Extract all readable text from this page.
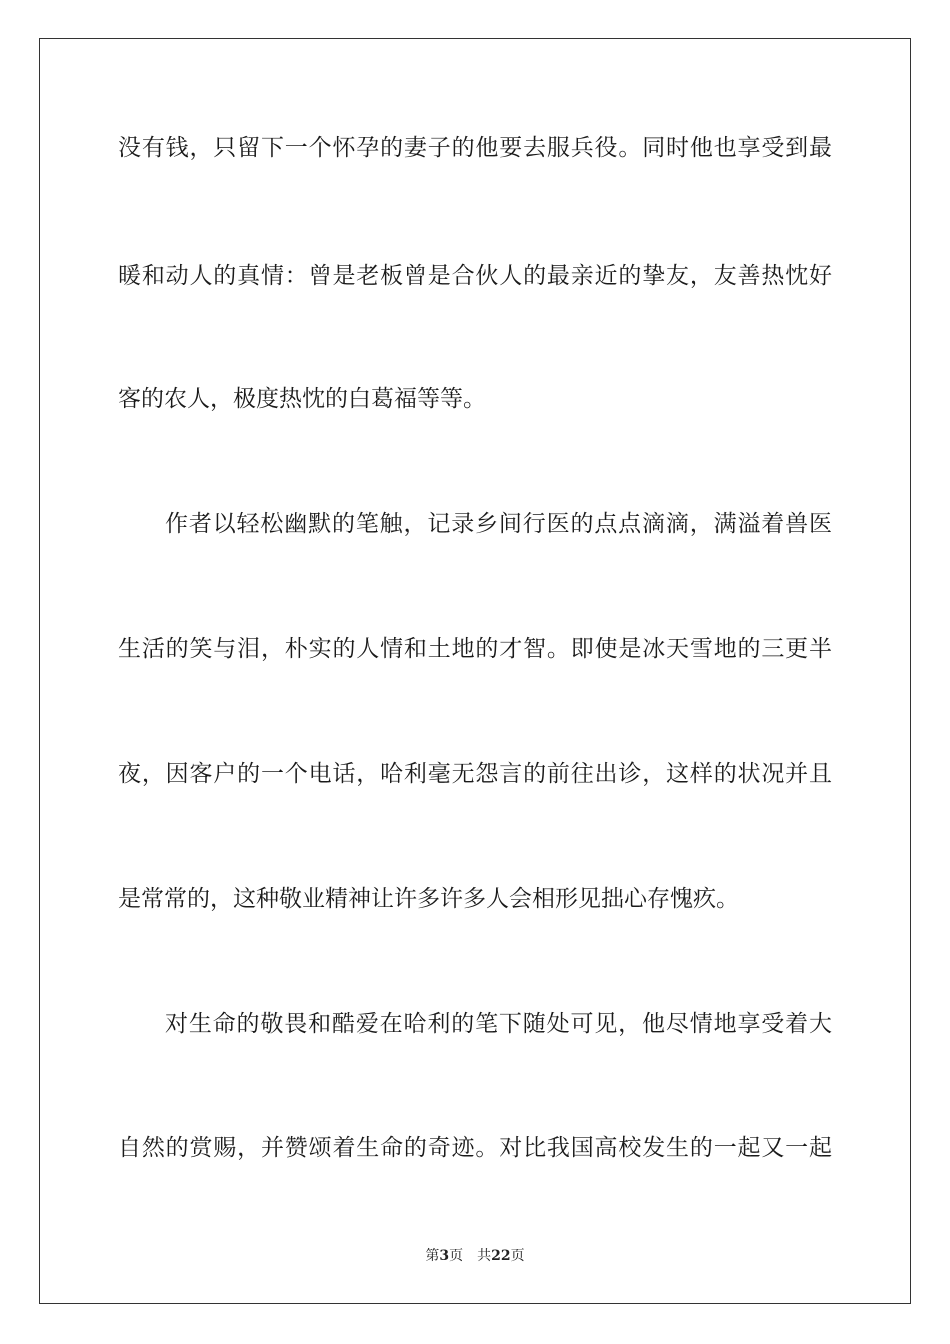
没有钱，只留下一个怀孕的妻子的他要去服兵役。同时他也享受到最
暖和动人的真情：曾是老板曾是合伙人的最亲近的挚友，友善热忱好
客的农人，极度热忱的白葛福等等。
作者以轻松幽默的笔触，记录乡间行医的点点滴滴，满溢着兽医
生活的笑与泪，朴实的人情和土地的才智。即使是冰天雪地的三更半
夜，因客户的一个电话，哈利毫无怨言的前往出诊，这样的状况并且
是常常的，这种敬业精神让许多许多人会相形见拙心存愧疚。
对生命的敬畏和酷爱在哈利的笔下随处可见，他尽情地享受着大
自然的赏赐，并赞颂着生命的奇迹。对比我国高校发生的一起又一起
第3页 共22页
